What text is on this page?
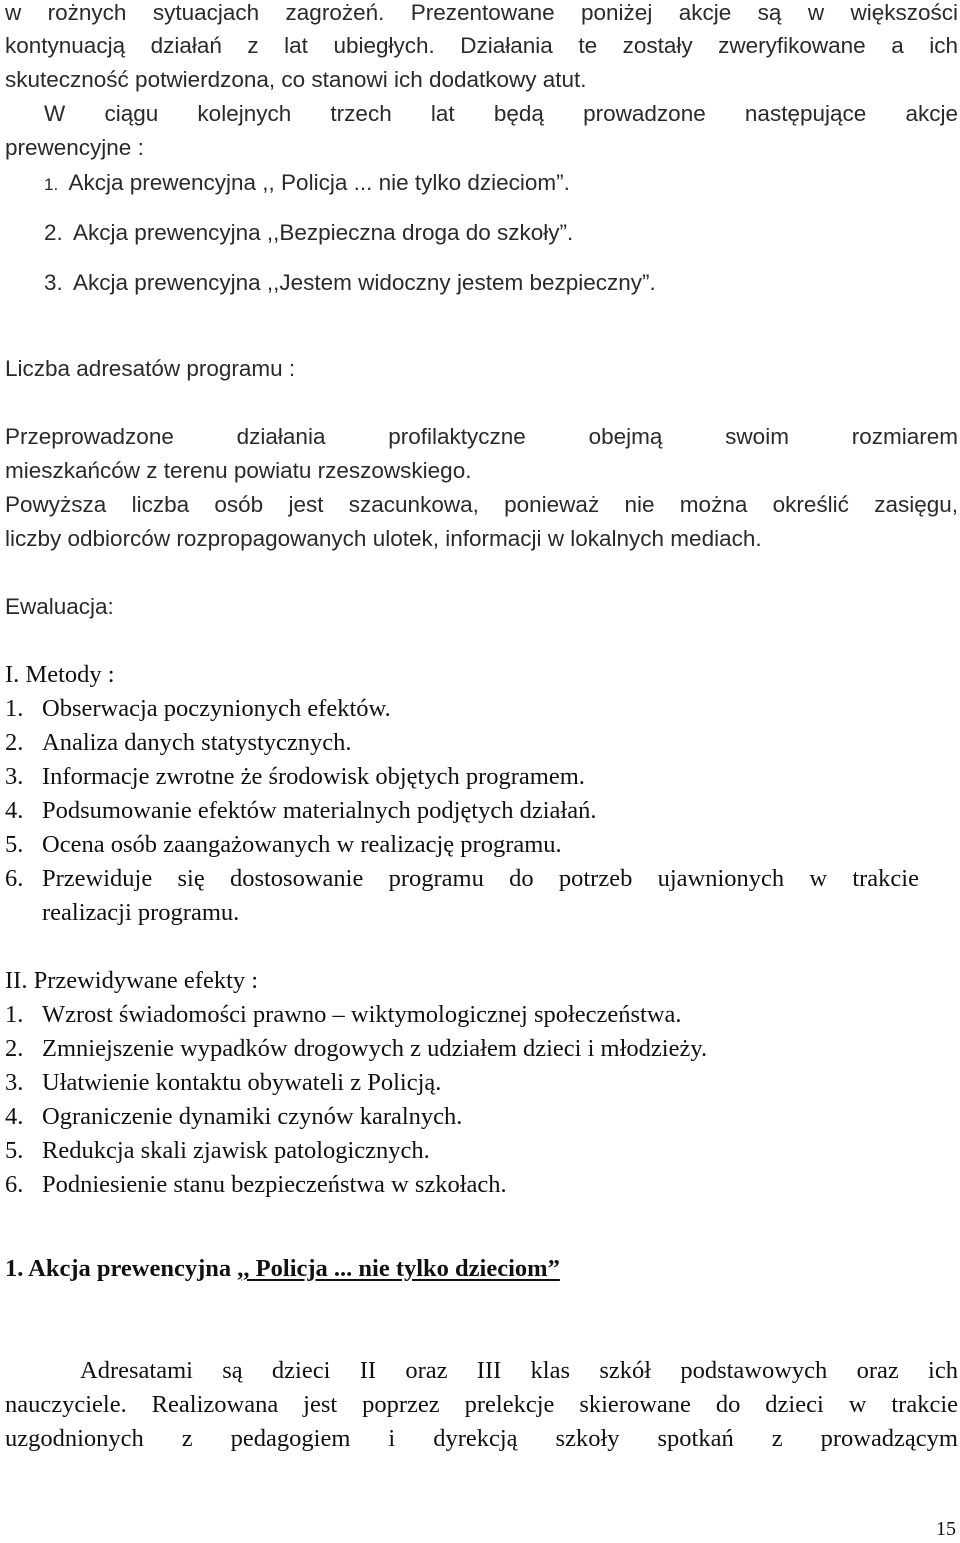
w rożnych sytuacjach zagrożeń. Prezentowane poniżej akcje są w większości
kontynuacją działań z lat ubiegłych. Działania te zostały zweryfikowane a ich
skuteczność potwierdzona, co stanowi ich dodatkowy atut.
W ciągu kolejnych trzech lat będą prowadzone następujące akcje
prewencyjne :
1. Akcja prewencyjna ,, Policja ... nie tylko dzieciom”.
2. Akcja prewencyjna ,,Bezpieczna droga do szkoły”.
3. Akcja prewencyjna ,,Jestem widoczny jestem bezpieczny”.
Liczba adresatów programu :
Przeprowadzone działania profilaktyczne obejmą swoim rozmiarem
mieszkańców z terenu powiatu rzeszowskiego.
Powyższa liczba osób jest szacunkowa, ponieważ nie można określić zasięgu,
liczby odbiorców rozpropagowanych ulotek, informacji w lokalnych mediach.
Ewaluacja:
I. Metody :
1. Obserwacja poczynionych efektów.
2. Analiza danych statystycznych.
3. Informacje zwrotne że środowisk objętych programem.
4. Podsumowanie efektów materialnych podjętych działań.
5. Ocena osób zaangażowanych w realizację programu.
6. Przewiduje się dostosowanie programu do potrzeb ujawnionych w trakcie
realizacji programu.
II. Przewidywane efekty :
1. Wzrost świadomości prawno – wiktymologicznej społeczeństwa.
2. Zmniejszenie wypadków drogowych z udziałem dzieci i młodzieży.
3. Ułatwienie kontaktu obywateli z Policją.
4. Ograniczenie dynamiki czynów karalnych.
5. Redukcja skali zjawisk patologicznych.
6. Podniesienie stanu bezpieczeństwa w szkołach.
1. Akcja prewencyjna ,, Policja ... nie tylko dzieciom”
Adresatami są dzieci II oraz III klas szkół podstawowych oraz ich
nauczyciele. Realizowana jest poprzez prelekcje skierowane do dzieci w trakcie
uzgodnionych z pedagogiem i dyrekcją szkoły spotkań z prowadzącym
15
